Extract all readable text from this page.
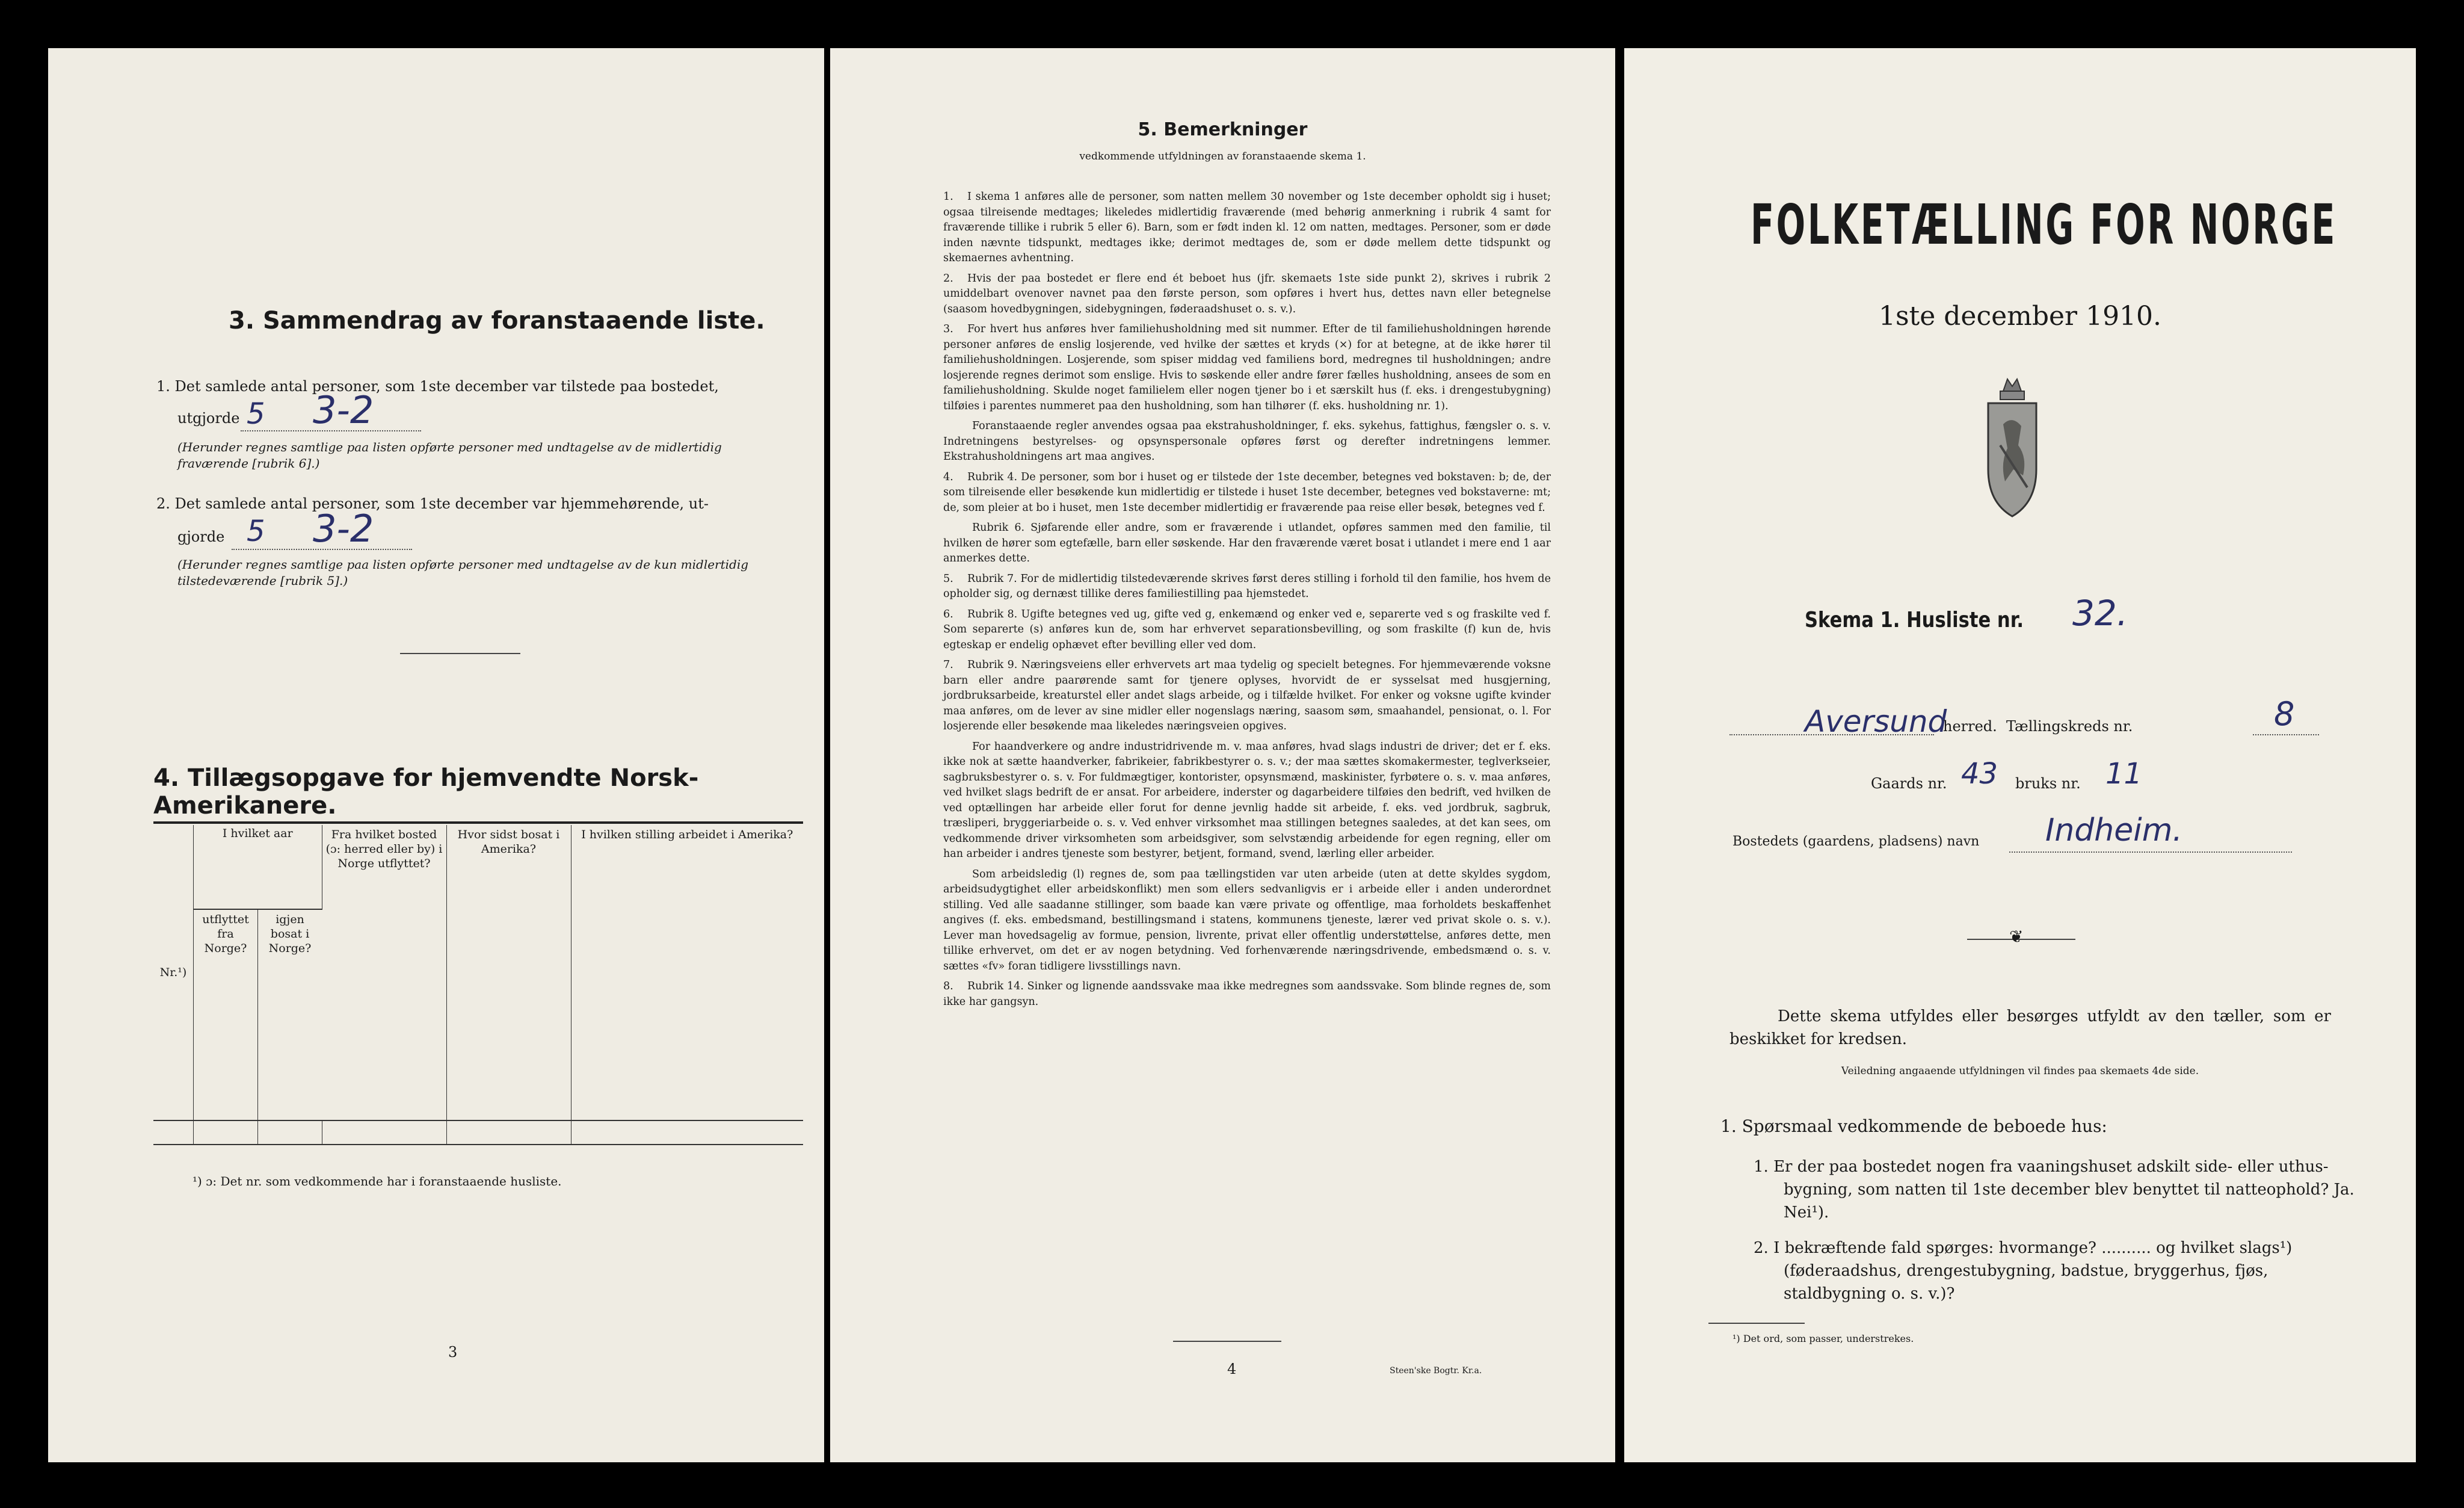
3. Sammendrag av foranstaaende liste.
1. Det samlede antal personer, som 1ste december var tilstede paa bostedet,
utgjorde 5 3-2
(Herunder regnes samtlige paa listen opførte personer med undtagelse av de midlertidig fraværende [rubrik 6].)
2. Det samlede antal personer, som 1ste december var hjemmehørende, ut-
gjorde 5 3-2
(Herunder regnes samtlige paa listen opførte personer med undtagelse av de kun midlertidig tilstedeværende [rubrik 5].)
4. Tillægsopgave for hjemvendte Norsk-Amerikanere.
Nr.¹)	I hvilket aar		Fra hvilket bosted (ɔ: herred eller by) i Norge utflyttet?	Hvor sidst bosat i Amerika?	I hvilken stilling arbeidet i Amerika?
	utflyttet fra Norge?	igjen bosat i Norge?			

¹) ɔ: Det nr. som vedkommende har i foranstaaende husliste.
3
5. Bemerkninger
vedkommende utfyldningen av foranstaaende skema 1.

1. I skema 1 anføres alle de personer, som natten mellem 30 november og 1ste december opholdt sig i huset; ogsaa tilreisende medtages; likeledes midlertidig fraværende (med behørig anmerkning i rubrik 4 samt for fraværende tillike i rubrik 5 eller 6). Barn, som er født inden kl. 12 om natten, medtages. Personer, som er døde inden nævnte tidspunkt, medtages ikke; derimot medtages de, som er døde mellem dette tidspunkt og skemaernes avhentning.

2. Hvis der paa bostedet er flere end ét beboet hus (jfr. skemaets 1ste side punkt 2), skrives i rubrik 2 umiddelbart ovenover navnet paa den første person, som opføres i hvert hus, dettes navn eller betegnelse (saasom hovedbygningen, sidebygningen, føderaadshuset o. s. v.).

3. For hvert hus anføres hver familiehusholdning med sit nummer. Efter de til familiehusholdningen hørende personer anføres de enslig losjerende, ved hvilke der sættes et kryds (×) for at betegne, at de ikke hører til familiehusholdningen. Losjerende, som spiser middag ved familiens bord, medregnes til husholdningen; andre losjerende regnes derimot som enslige. Hvis to søskende eller andre fører fælles husholdning, ansees de som en familiehusholdning. Skulde noget familielem eller nogen tjener bo i et særskilt hus (f. eks. i drengestubygning) tilføies i parentes nummeret paa den husholdning, som han tilhører (f. eks. husholdning nr. 1).

Foranstaaende regler anvendes ogsaa paa ekstrahusholdninger, f. eks. sykehus, fattighus, fængsler o. s. v. Indretningens bestyrelses- og opsynspersonale opføres først og derefter indretningens lemmer. Ekstrahusholdningens art maa angives.

4. Rubrik 4. De personer, som bor i huset og er tilstede der 1ste december, betegnes ved bokstaven: b; de, der som tilreisende eller besøkende kun midlertidig er tilstede i huset 1ste december, betegnes ved bokstaverne: mt; de, som pleier at bo i huset, men 1ste december midlertidig er fraværende paa reise eller besøk, betegnes ved f.

Rubrik 6. Sjøfarende eller andre, som er fraværende i utlandet, opføres sammen med den familie, til hvilken de hører som egtefælle, barn eller søskende. Har den fraværende været bosat i utlandet i mere end 1 aar anmerkes dette.

5. Rubrik 7. For de midlertidig tilstedeværende skrives først deres stilling i forhold til den familie, hos hvem de opholder sig, og dernæst tillike deres familiestilling paa hjemstedet.

6. Rubrik 8. Ugifte betegnes ved ug, gifte ved g, enkemænd og enker ved e, separerte ved s og fraskilte ved f. Som separerte (s) anføres kun de, som har erhvervet separationsbevilling, og som fraskilte (f) kun de, hvis egteskap er endelig ophævet efter bevilling eller ved dom.

7. Rubrik 9. Næringsveiens eller erhvervets art maa tydelig og specielt betegnes. For hjemmeværende voksne barn eller andre paarørende samt for tjenere oplyses, hvorvidt de er sysselsat med husgjerning, jordbruksarbeide, kreaturstel eller andet slags arbeide, og i tilfælde hvilket. For enker og voksne ugifte kvinder maa anføres, om de lever av sine midler eller nogenslags næring, saasom søm, smaahandel, pensionat, o. l. For losjerende eller besøkende maa likeledes næringsveien opgives.

For haandverkere og andre industridrivende m. v. maa anføres, hvad slags industri de driver; det er f. eks. ikke nok at sætte haandverker, fabrikeier, fabrikbestyrer o. s. v.; der maa sættes skomakermester, teglverkseier, sagbruksbestyrer o. s. v. For fuldmægtiger, kontorister, opsynsmænd, maskinister, fyrbøtere o. s. v. maa anføres, ved hvilket slags bedrift de er ansat. For arbeidere, inderster og dagarbeidere tilføies den bedrift, ved hvilken de ved optællingen har arbeide eller forut for denne jevnlig hadde sit arbeide, f. eks. ved jordbruk, sagbruk, træsliperi, bryggeriarbeide o. s. v. Ved enhver virksomhet maa stillingen betegnes saaledes, at det kan sees, om vedkommende driver virksomheten som arbeidsgiver, som selvstændig arbeidende for egen regning, eller om han arbeider i andres tjeneste som bestyrer, betjent, formand, svend, lærling eller arbeider.

Som arbeidsledig (l) regnes de, som paa tællingstiden var uten arbeide (uten at dette skyldes sygdom, arbeidsudygtighet eller arbeidskonflikt) men som ellers sedvanligvis er i arbeide eller i anden underordnet stilling. Ved alle saadanne stillinger, som baade kan være private og offentlige, maa forholdets beskaffenhet angives (f. eks. embedsmand, bestillingsmand i statens, kommunens tjeneste, lærer ved privat skole o. s. v.). Lever man hovedsagelig av formue, pension, livrente, privat eller offentlig understøttelse, anføres dette, men tillike erhvervet, om det er av nogen betydning. Ved forhenværende næringsdrivende, embedsmænd o. s. v. sættes «fv» foran tidligere livsstillings navn.

8. Rubrik 14. Sinker og lignende aandssvake maa ikke medregnes som aandssvake. Som blinde regnes de, som ikke har gangsyn.

4	Steen'ske Bogtr. Kr.a.
FOLKETÆLLING FOR NORGE
1ste december 1910.
Skema 1. Husliste nr. 32.
Aversund
herred. Tællingskreds nr.	8
Gaards nr. 43 bruks nr. 11
Bostedets (gaardens, pladsens) navn Indheim.
❦
Dette skema utfyldes eller besørges utfyldt av den tæller, som er beskikket for kredsen.
Veiledning angaaende utfyldningen vil findes paa skemaets 4de side.
1. Spørsmaal vedkommende de beboede hus:
1. Er der paa bostedet nogen fra vaaningshuset adskilt side- eller uthus-bygning, som natten til 1ste december blev benyttet til natteophold? Ja. Nei¹).
2. I bekræftende fald spørges: hvormange? .......... og hvilket slags¹) (føderaadshus, drengestubygning, badstue, bryggerhus, fjøs, staldbygning o. s. v.)?
¹) Det ord, som passer, understrekes.
